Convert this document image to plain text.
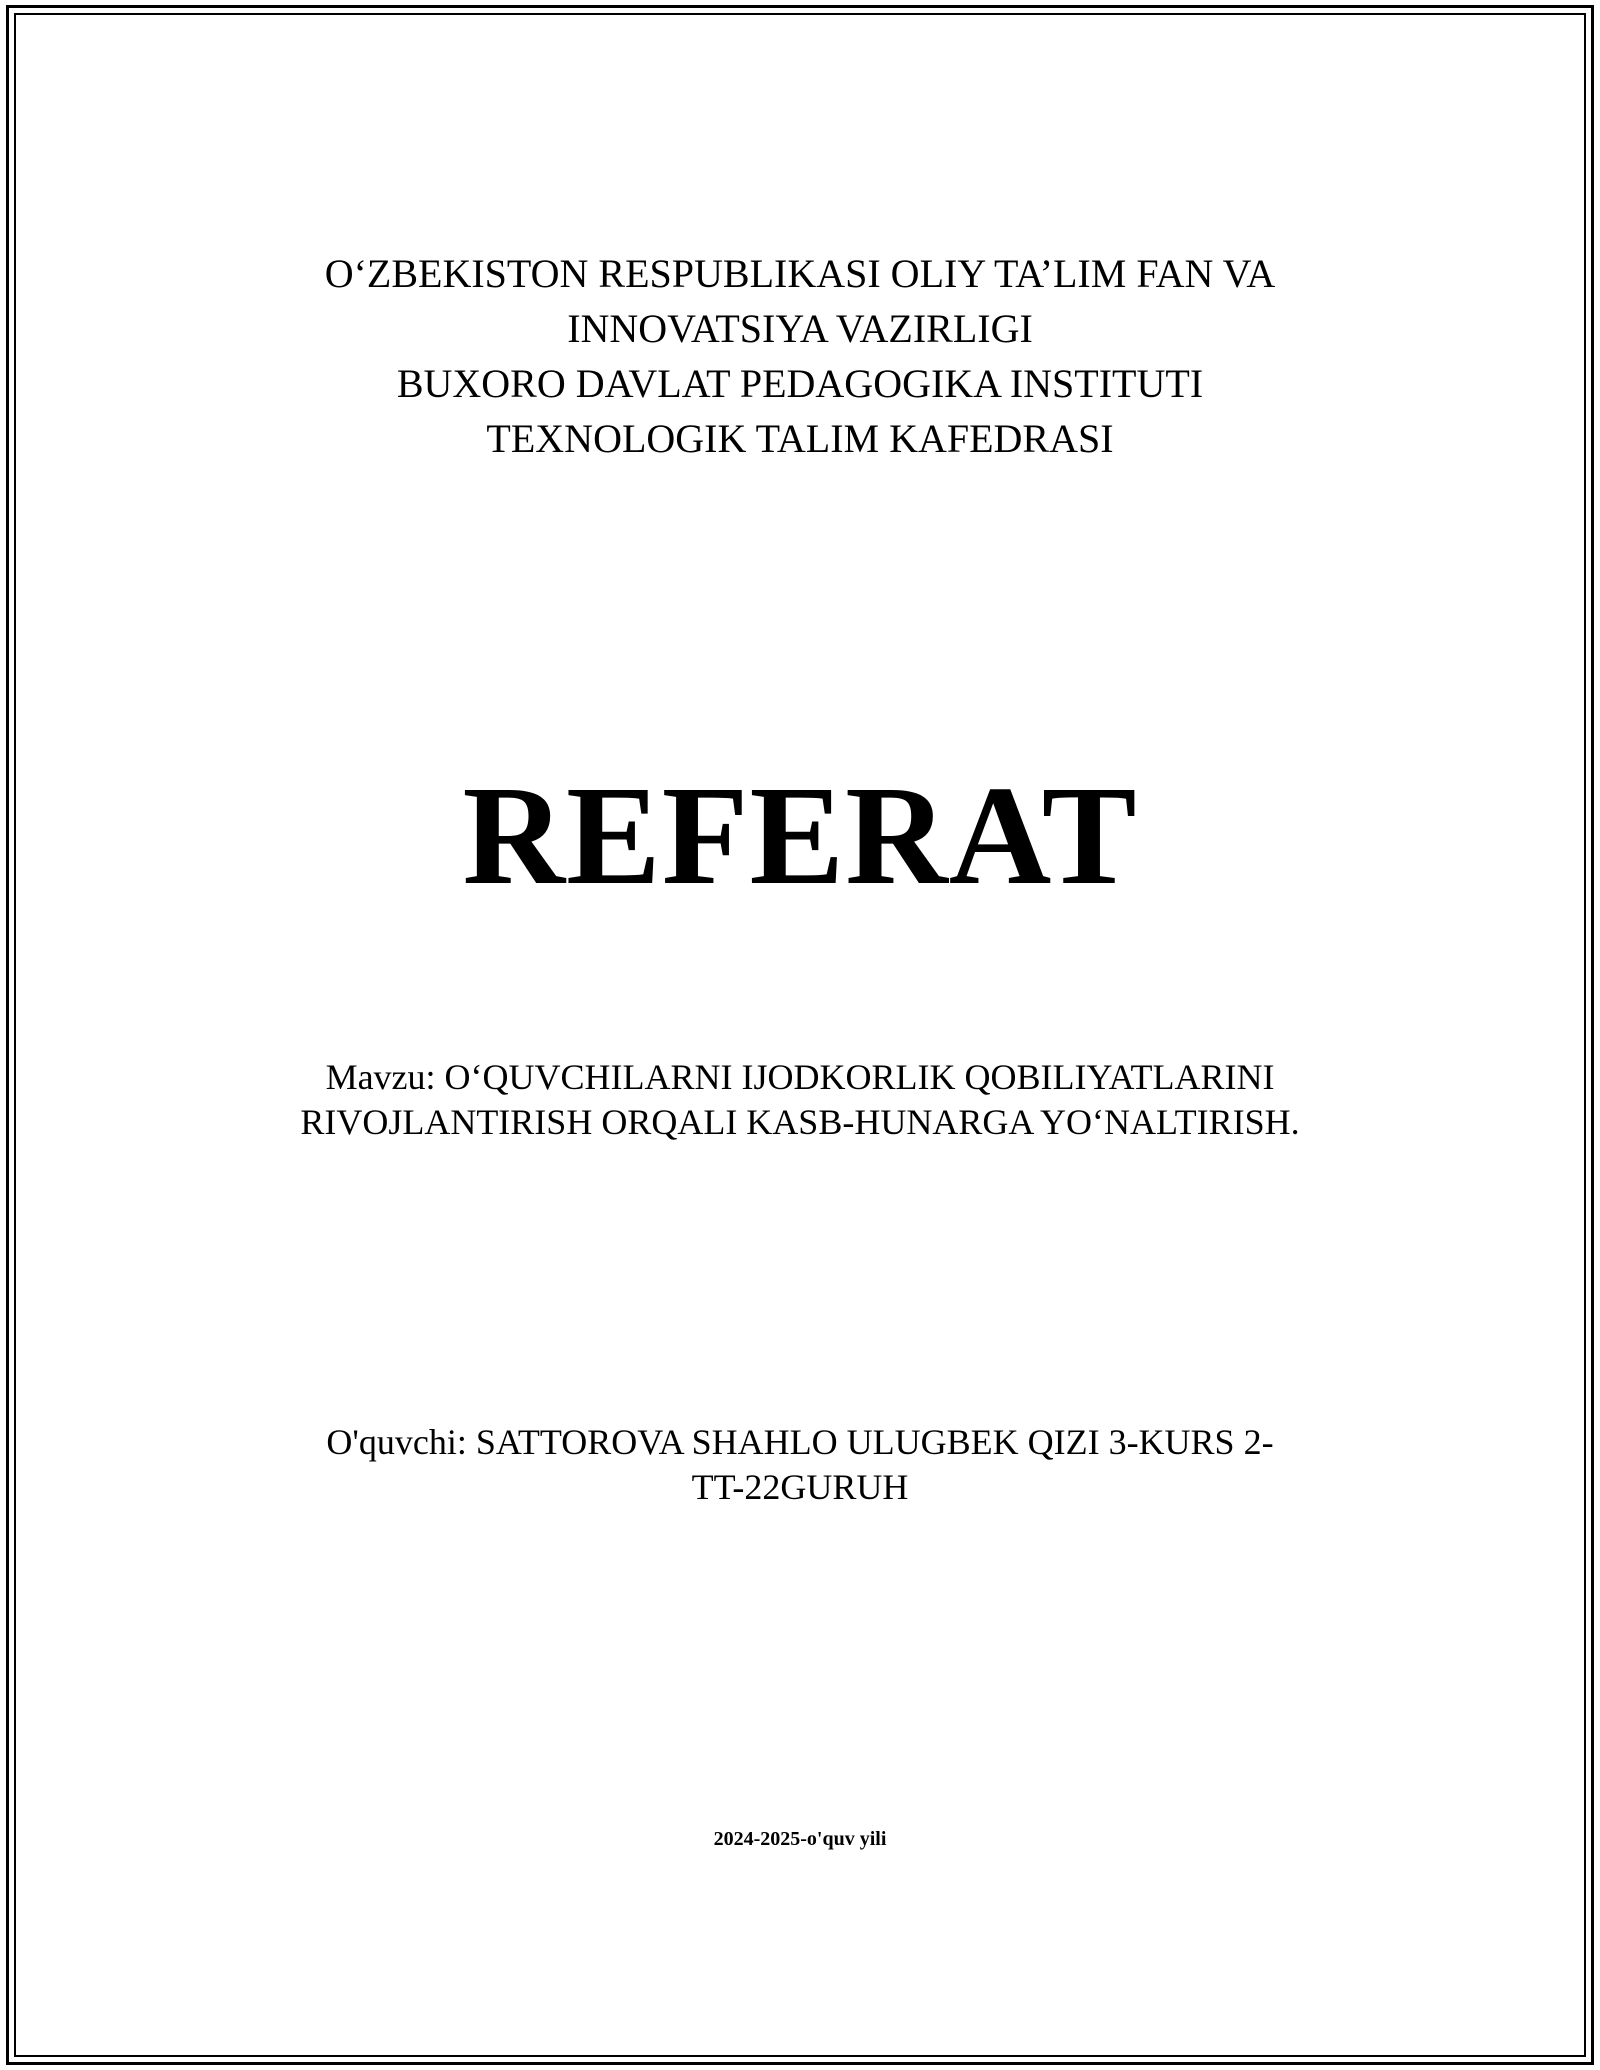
O‘ZBEKISTON RESPUBLIKASI OLIY TA’LIM FAN VA
INNOVATSIYA VAZIRLIGI
BUXORO DAVLAT PEDAGOGIKA INSTITUTI
TEXNOLOGIK TALIM KAFEDRASI
REFERAT
Mavzu: O‘QUVCHILARNI IJODKORLIK QOBILIYATLARINI
RIVOJLANTIRISH ORQALI KASB-HUNARGA YO‘NALTIRISH.
O'quvchi: SATTOROVA SHAHLO ULUGBEK QIZI 3-KURS 2-
TT-22GURUH
2024-2025-o'quv yili
